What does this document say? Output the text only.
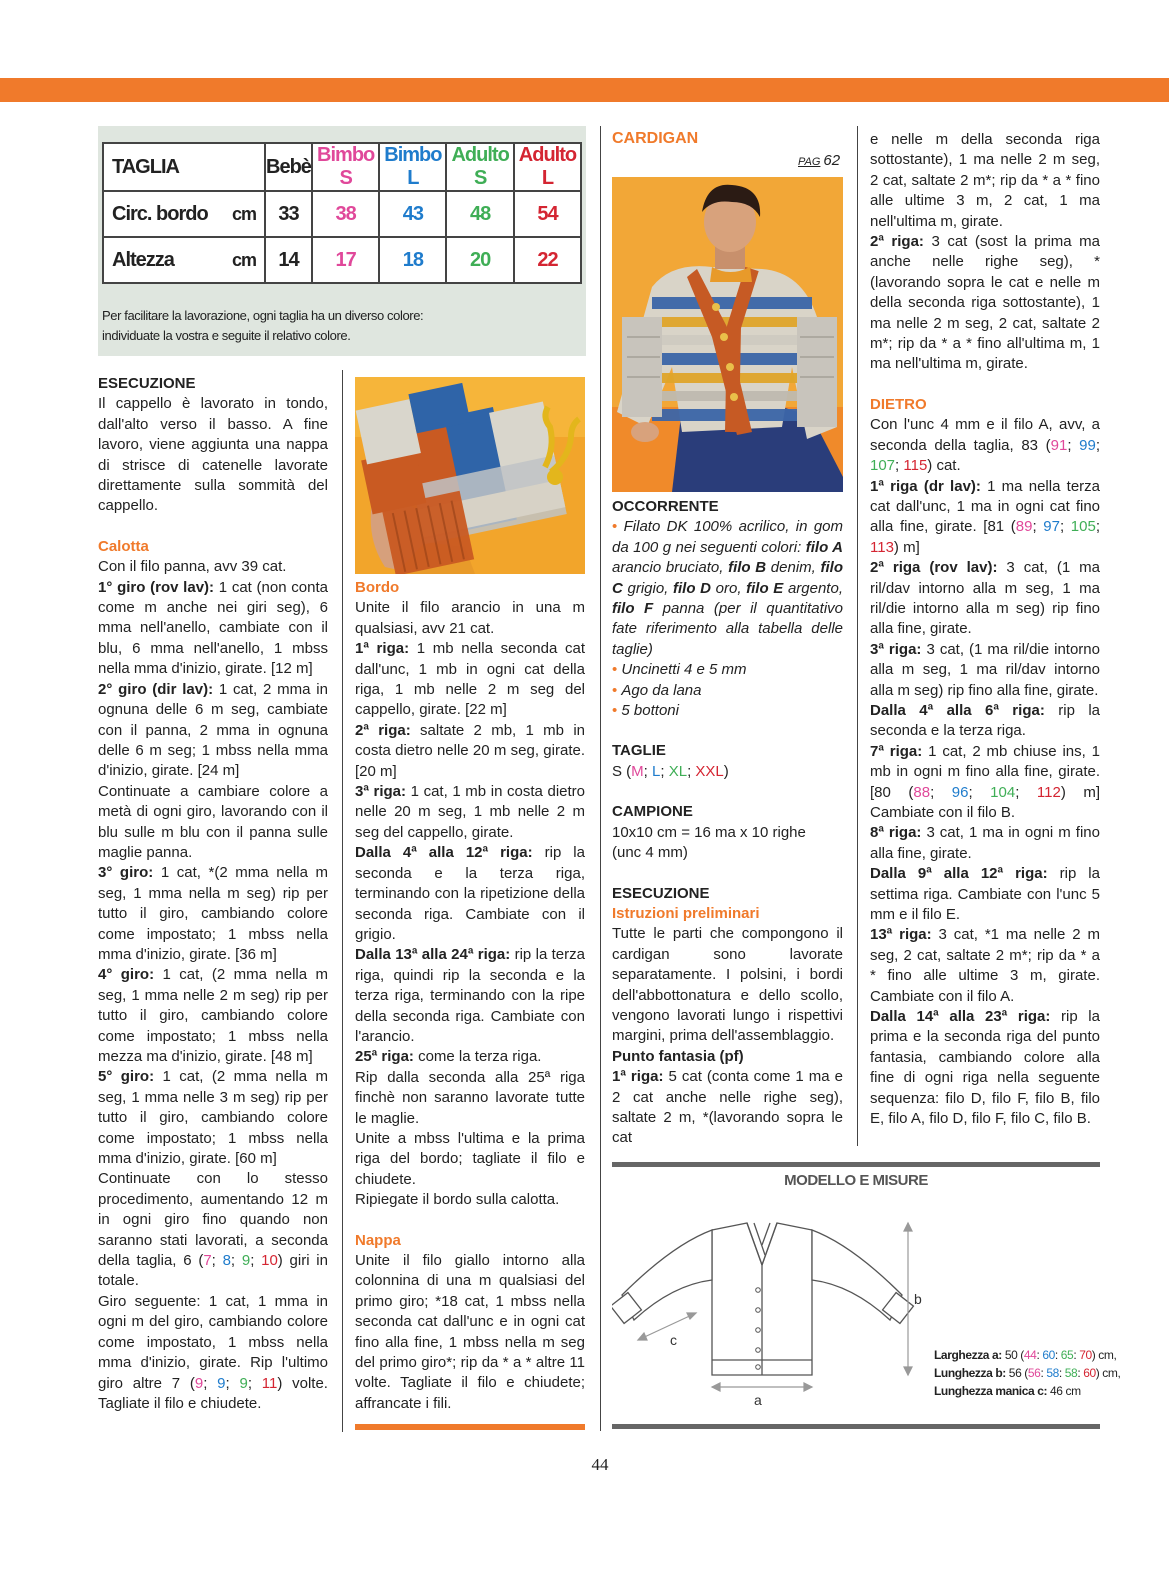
TAGLIA		Bebè	Bimbo S	Bimbo L	Adulto S	Adulto L
Circ. bordo	cm	33	38	43	48	54
Altezza	cm	14	17	18	20	22
Per facilitare la lavorazione, ogni taglia ha un diverso colore:
individuate la vostra e seguite il relativo colore.

ESECUZIONE

Il cappello è lavorato in tondo, dall'alto verso il basso. A fine lavoro, viene aggiunta una nappa di strisce di catenelle lavorate direttamente sulla sommità del cappello.

Calotta

Con il filo panna, avv 39 cat.

1° giro (rov lav): 1 cat (non conta come m anche nei giri seg), 6 mma nell'anello, cambiate con il blu, 6 mma nell'anello, 1 mbss nella mma d'inizio, girate. [12 m]

2° giro (dir lav): 1 cat, 2 mma in ognuna delle 6 m seg, cambiate con il panna, 2 mma in ognuna delle 6 m seg; 1 mbss nella mma d'inizio, girate. [24 m]

Continuate a cambiare colore a metà di ogni giro, lavorando con il blu sulle m blu con il panna sulle maglie panna.

3° giro: 1 cat, *(2 mma nella m seg, 1 mma nella m seg) rip per tutto il giro, cambiando colore come impostato; 1 mbss nella mma d'inizio, girate. [36 m]

4° giro: 1 cat, (2 mma nella m seg, 1 mma nelle 2 m seg) rip per tutto il giro, cambiando colore come impostato; 1 mbss nella mezza ma d'inizio, girate. [48 m]

5° giro: 1 cat, (2 mma nella m seg, 1 mma nelle 3 m seg) rip per tutto il giro, cambiando colore come impostato; 1 mbss nella mma d'inizio, girate. [60 m]

Continuate con lo stesso procedimento, aumentando 12 m in ogni giro fino quando non saranno stati lavorati, a seconda della taglia, 6 (7; 8; 9; 10) giri in totale.

Giro seguente: 1 cat, 1 mma in ogni m del giro, cambiando colore come impostato, 1 mbss nella mma d'inizio, girate. Rip l'ultimo giro altre 7 (9; 9; 9; 11) volte. Tagliate il filo e chiudete.

Bordo

Unite il filo arancio in una m qualsiasi, avv 21 cat.

1ª riga: 1 mb nella seconda cat dall'unc, 1 mb in ogni cat della riga, 1 mb nelle 2 m seg del cappello, girate. [22 m]

2ª riga: saltate 2 mb, 1 mb in costa dietro nelle 20 m seg, girate. [20 m]

3ª riga: 1 cat, 1 mb in costa dietro nelle 20 m seg, 1 mb nelle 2 m seg del cappello, girate.

Dalla 4ª alla 12ª riga: rip la seconda e la terza riga, terminando con la ripetizione della seconda riga. Cambiate con il grigio.

Dalla 13ª alla 24ª riga: rip la terza riga, quindi rip la seconda e la terza riga, terminando con la ripe della seconda riga. Cambiate con l'arancio.

25ª riga: come la terza riga.

Rip dalla seconda alla 25ª riga finchè non saranno lavorate tutte le maglie.

Unite a mbss l'ultima e la prima riga del bordo; tagliate il filo e chiudete.

Ripiegate il bordo sulla calotta.

Nappa

Unite il filo giallo intorno alla colonnina di una m qualsiasi del primo giro; *18 cat, 1 mbss nella seconda cat dall'unc e in ogni cat fino alla fine, 1 mbss nella m seg del primo giro*; rip da * a * altre 11 volte. Tagliate il filo e chiudete; affrancate i fili.

CARDIGAN
PAG 62

OCCORRENTE

• Filato DK 100% acrilico, in gom da 100 g nei seguenti colori: filo A arancio bruciato, filo B denim, filo C grigio, filo D oro, filo E argento, filo F panna (per il quantitativo fate riferimento alla tabella delle taglie)

• Uncinetti 4 e 5 mm

• Ago da lana

• 5 bottoni

TAGLIE

S (M; L; XL; XXL)

CAMPIONE

10x10 cm = 16 ma x 10 righe

(unc 4 mm)

ESECUZIONE

Istruzioni preliminari

Tutte le parti che compongono il cardigan sono lavorate separatamente. I polsini, i bordi dell'abbottonatura e dello scollo, vengono lavorati lungo i rispettivi margini, prima dell'assemblaggio.

Punto fantasia (pf)

1ª riga: 5 cat (conta come 1 ma e 2 cat anche nelle righe seg), saltate 2 m, *(lavorando sopra le cat

e nelle m della seconda riga sottostante), 1 ma nelle 2 m seg, 2 cat, saltate 2 m*; rip da * a * fino alle ultime 3 m, 2 cat, 1 ma nell'ultima m, girate.

2ª riga: 3 cat (sost la prima ma anche nelle righe seg), *(lavorando sopra le cat e nelle m della seconda riga sottostante), 1 ma nelle 2 m seg, 2 cat, saltate 2 m*; rip da * a * fino all'ultima m, 1 ma nell'ultima m, girate.

DIETRO

Con l'unc 4 mm e il filo A, avv, a seconda della taglia, 83 (91; 99; 107; 115) cat.

1ª riga (dr lav): 1 ma nella terza cat dall'unc, 1 ma in ogni cat fino alla fine, girate. [81 (89; 97; 105; 113) m]

2ª riga (rov lav): 3 cat, (1 ma ril/dav intorno alla m seg, 1 ma ril/die intorno alla m seg) rip fino alla fine, girate.

3ª riga: 3 cat, (1 ma ril/die intorno alla m seg, 1 ma ril/dav intorno alla m seg) rip fino alla fine, girate.

Dalla 4ª alla 6ª riga: rip la seconda e la terza riga.

7ª riga: 1 cat, 2 mb chiuse ins, 1 mb in ogni m fino alla fine, girate. [80 (88; 96; 104; 112) m] Cambiate con il filo B.

8ª riga: 3 cat, 1 ma in ogni m fino alla fine, girate.

Dalla 9ª alla 12ª riga: rip la settima riga. Cambiate con l'unc 5 mm e il filo E.

13ª riga: 3 cat, *1 ma nelle 2 m seg, 2 cat, saltate 2 m*; rip da * a * fino alle ultime 3 m, girate. Cambiate con il filo A.

Dalla 14ª alla 23ª riga: rip la prima e la seconda riga del punto fantasia, cambiando colore alla fine di ogni riga nella seguente sequenza: filo D, filo F, filo B, filo E, filo A, filo D, filo F, filo C, filo B.

MODELLO E MISURE
a
b
c
Larghezza a: 50 (44: 60: 65: 70) cm,
Lunghezza b: 56 (56: 58: 58: 60) cm,
Lunghezza manica c: 46 cm
44
